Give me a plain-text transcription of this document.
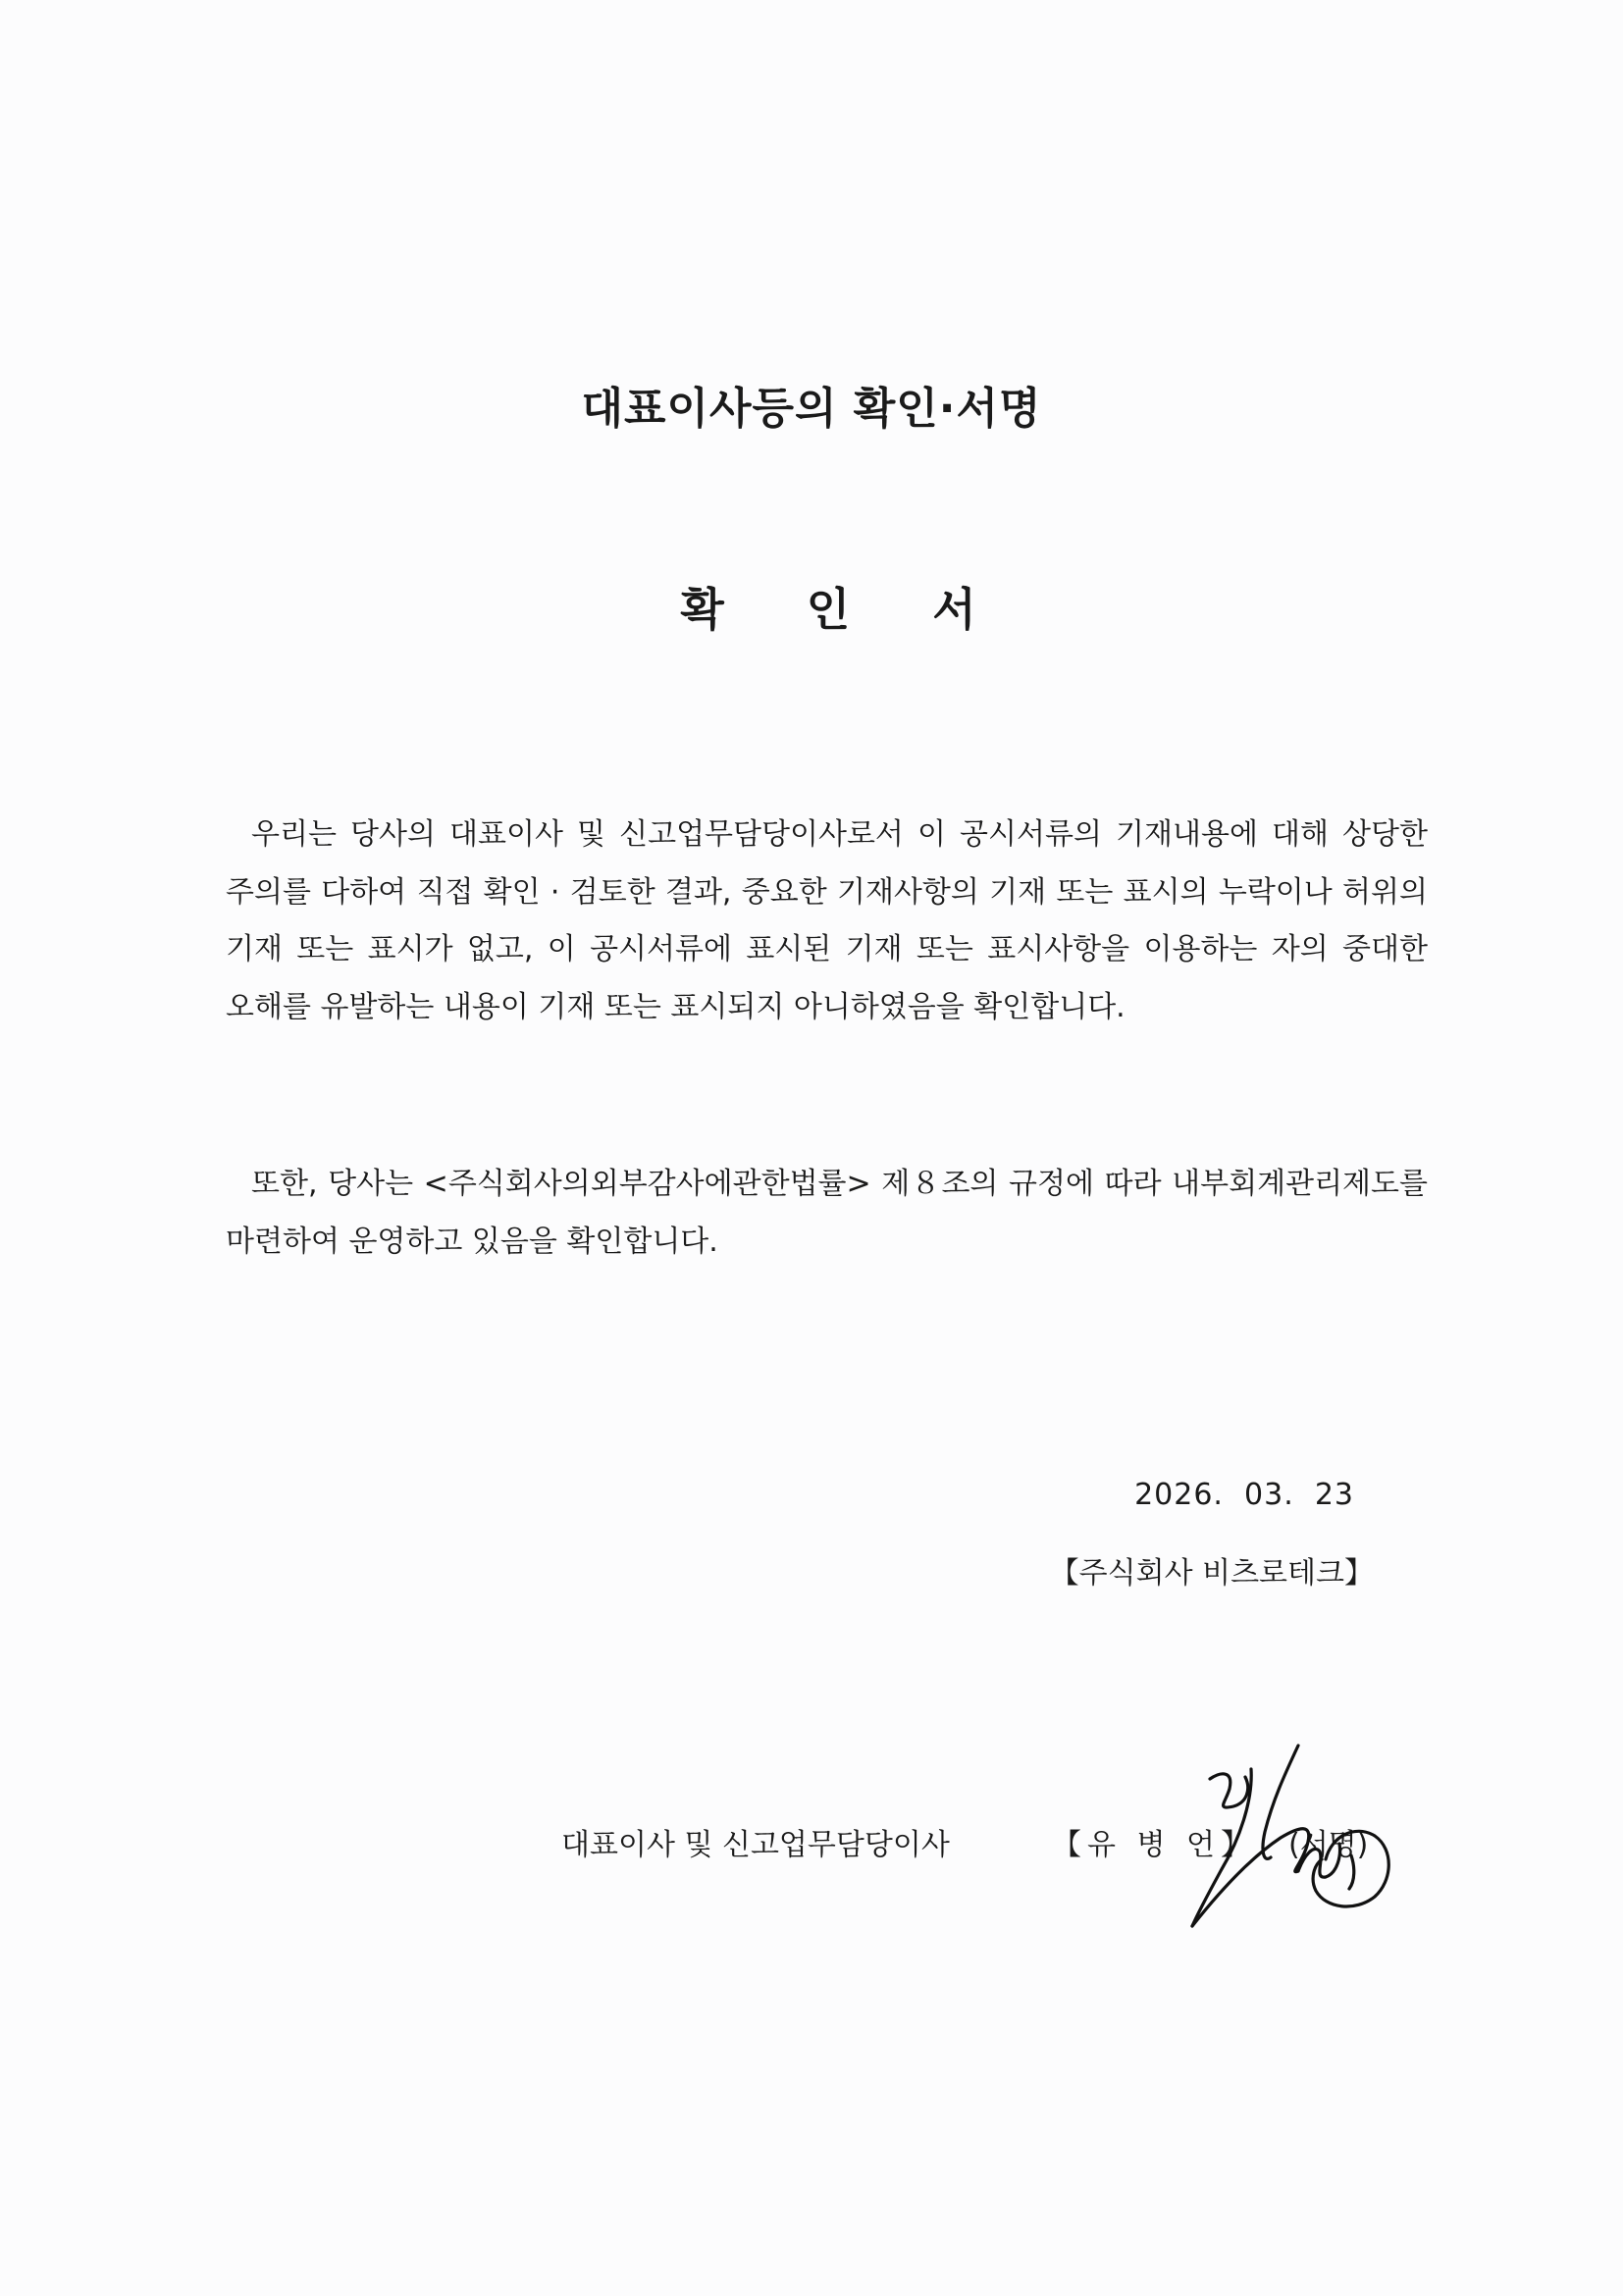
대표이사등의 확인·서명
확 인 서

우리는 당사의 대표이사 및 신고업무담당이사로서 이 공시서류의 기재내용에 대해 상당한 주의를 다하여 직접 확인 · 검토한 결과, 중요한 기재사항의 기재 또는 표시의 누락이나 허위의 기재 또는 표시가 없고, 이 공시서류에 표시된 기재 또는 표시사항을 이용하는 자의 중대한 오해를 유발하는 내용이 기재 또는 표시되지 아니하였음을 확인합니다.

또한, 당사는 <주식회사의외부감사에관한법률> 제８조의 규정에 따라 내부회계관리제도를 마련하여 운영하고 있음을 확인합니다.

2026.  03.  23
【주식회사 비츠로테크】
대표이사 및 신고업무담당이사	【유 병 언】 (서명)
